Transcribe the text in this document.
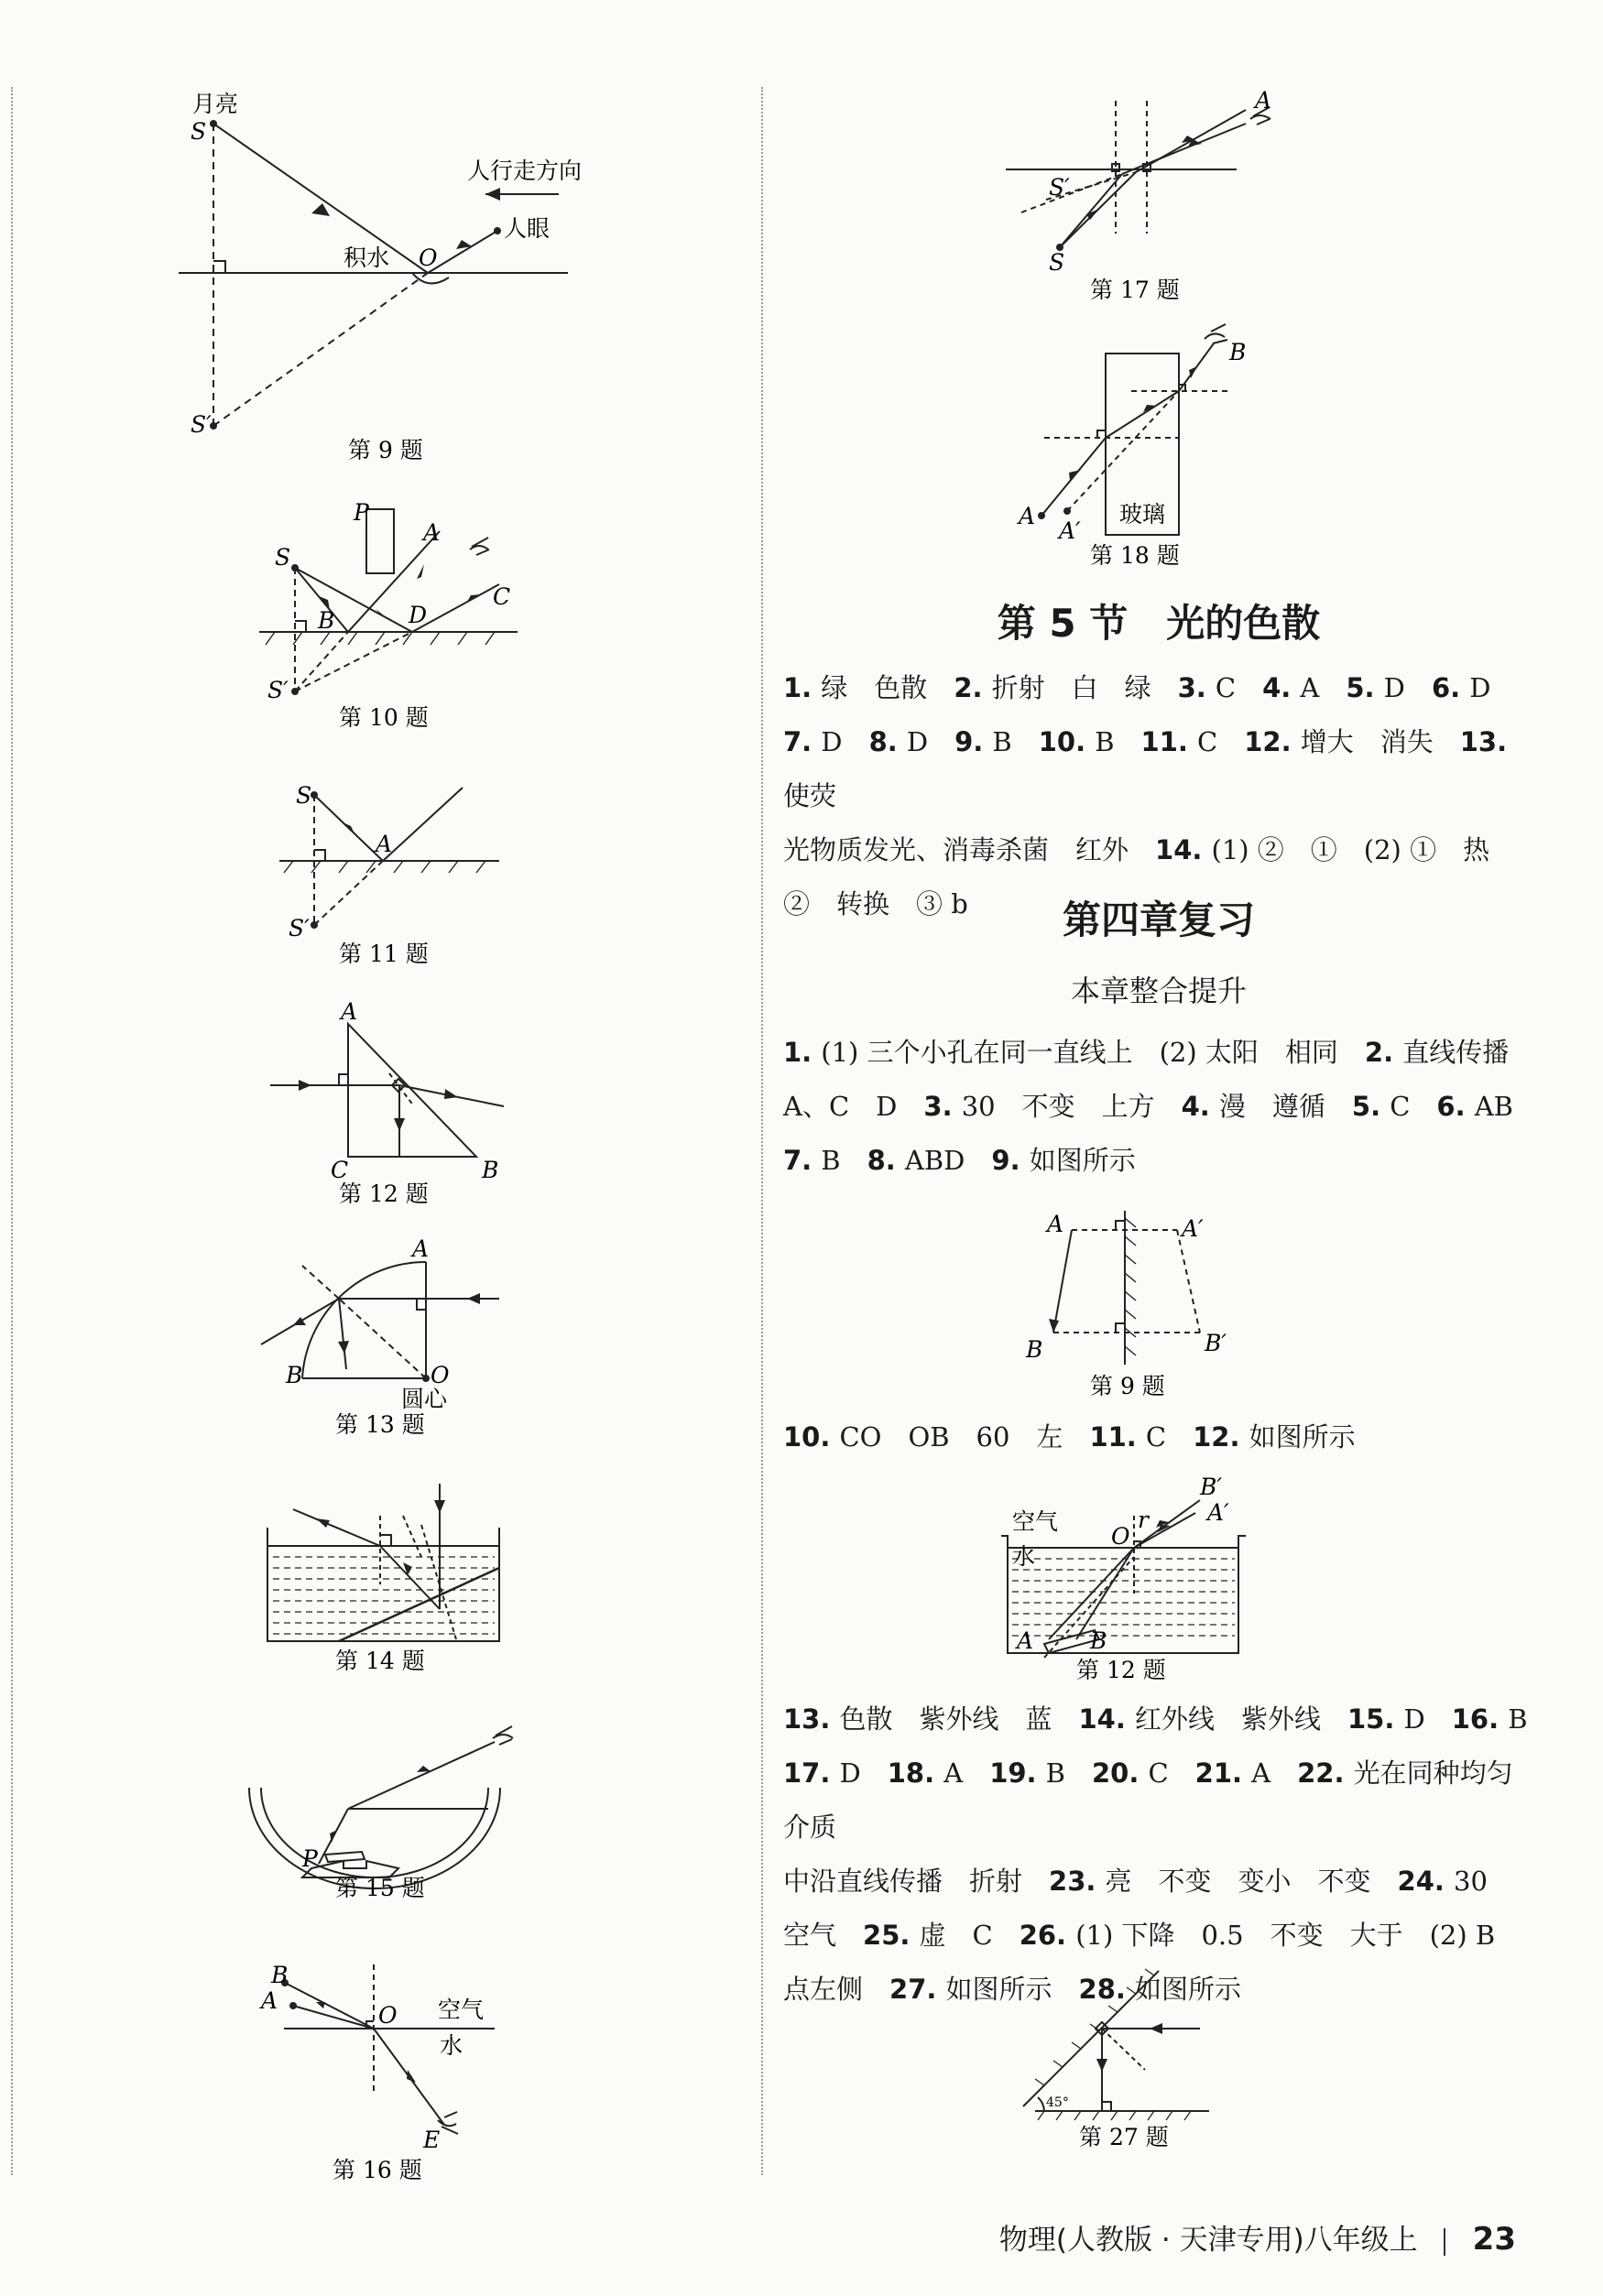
月亮
S
S′
人行走方向
人眼
积水 O
第 9 题
P
S
A
B	D
C
S′
第 10 题
S
A
S′
第 11 题
A
B
C
第 12 题
A
B	O
圆心
第 13 题
第 14 题
P
第 15 题
B
A
O 空气
水
E
第 16 题
A
S
S′
第 17 题
B
A
A′
玻璃
第 18 题
第 5 节　光的色散
1. 绿　色散　2. 折射　白　绿　3. C　4. A　5. D　6. D
7. D　8. D　9. B　10. B　11. C　12. 增大　消失　13. 使荧
光物质发光、消毒杀菌　红外　14. (1) ②　①　(2) ①　热
②　转换　③ b	第四章复习
本章整合提升
1. (1) 三个小孔在同一直线上　(2) 太阳　相同　2. 直线传播
A、C　D　3. 30　不变　上方　4. 漫　遵循　5. C　6. AB
7. B　8. ABD　9. 如图所示
A	A′
B	B′
第 9 题
10. CO　OB　60　左　11. C　12. 如图所示
空气
水
O
r
B′
A′
A B
第 12 题
13. 色散　紫外线　蓝　14. 红外线　紫外线　15. D　16. B
17. D　18. A　19. B　20. C　21. A　22. 光在同种均匀介质
中沿直线传播　折射　23. 亮　不变　变小　不变　24. 30
空气　25. 虚　C　26. (1) 下降　0.5　不变　大于　(2) B
点左侧　27. 如图所示　28. 如图所示
45°
第 27 题
物理(人教版 · 天津专用)八年级上 23
